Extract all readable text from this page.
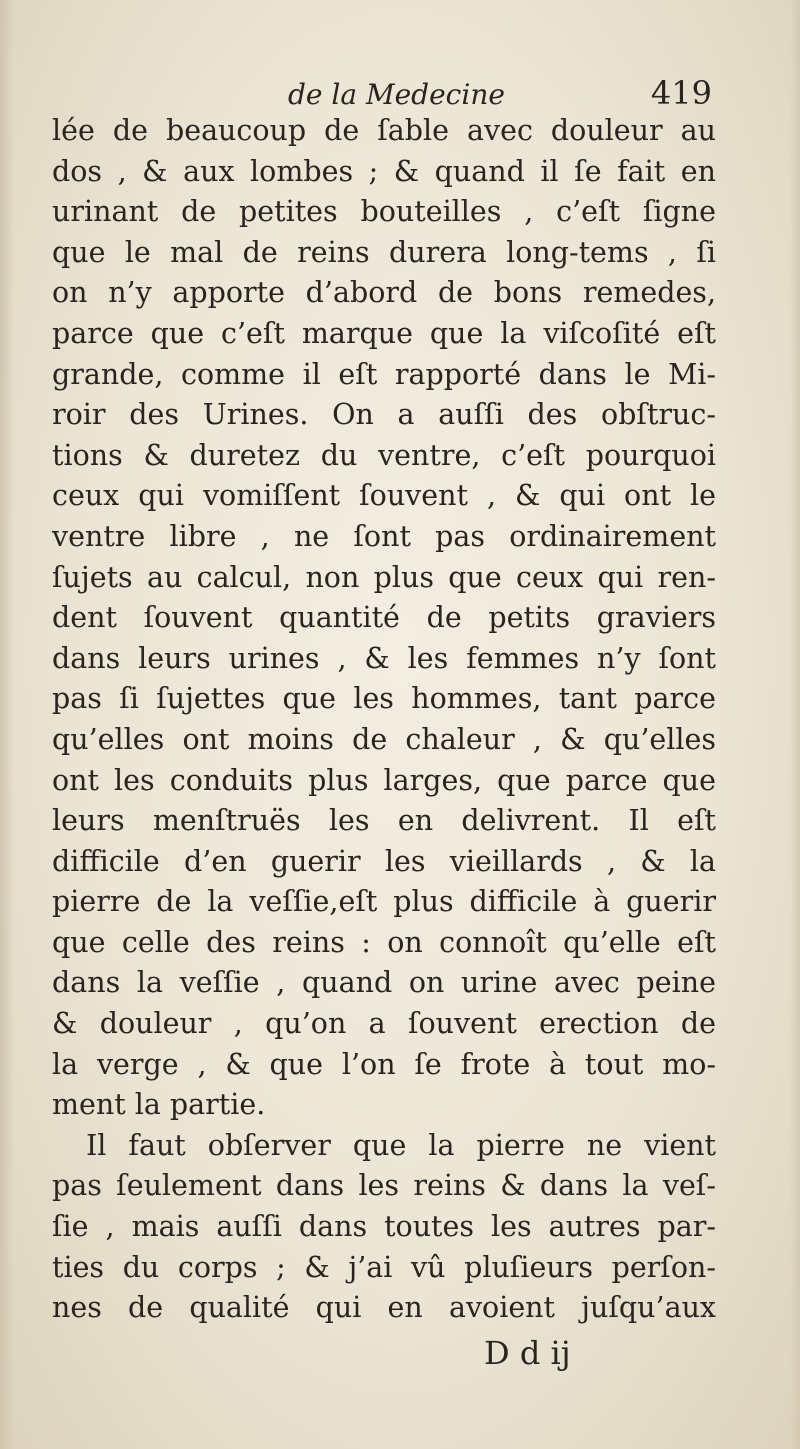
de la Medecine	419
lée de beaucoup de ſable avec douleur au
dos , & aux lombes ; & quand il ſe fait en
urinant de petites bouteilles , c’eſt ſigne
que le mal de reins durera long-tems , ſi
on n’y apporte d’abord de bons remedes,
parce que c’eſt marque que la viſcoſité eſt
grande, comme il eſt rapporté dans le Mi-
roir des Urines. On a auſſi des obſtruc-
tions & duretez du ventre, c’eſt pourquoi
ceux qui vomiſſent ſouvent , & qui ont le
ventre libre , ne ſont pas ordinairement
ſujets au calcul, non plus que ceux qui ren-
dent ſouvent quantité de petits graviers
dans leurs urines , & les femmes n’y ſont
pas ſi ſujettes que les hommes, tant parce
qu’elles ont moins de chaleur , & qu’elles
ont les conduits plus larges, que parce que
leurs menſtruës les en delivrent. Il eſt
difficile d’en guerir les vieillards , & la
pierre de la veſſie,eſt plus difficile à guerir
que celle des reins : on connoît qu’elle eſt
dans la veſſie , quand on urine avec peine
& douleur , qu’on a ſouvent erection de
la verge , & que l’on ſe frote à tout mo-
ment la partie.
Il faut obſerver que la pierre ne vient
pas ſeulement dans les reins & dans la veſ-
ſie , mais auſſi dans toutes les autres par-
ties du corps ; & j’ai vû pluſieurs perſon-
nes de qualité qui en avoient juſqu’aux
D d ij
